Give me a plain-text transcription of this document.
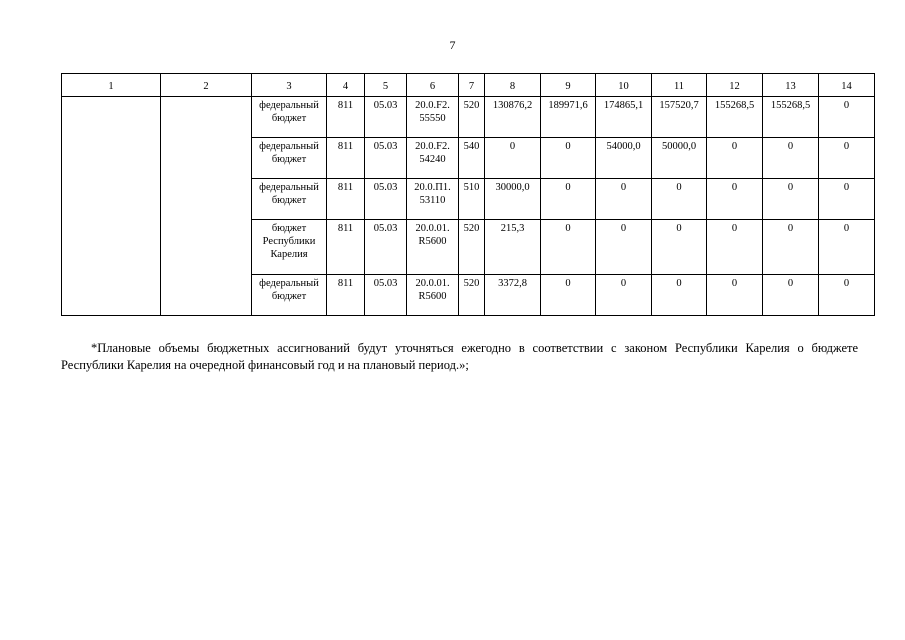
7
1	2	3	4	5	6	7	8	9	10	11	12	13	14
		федеральный бюджет	811	05.03	20.0.F2. 55550	520	130876,2	189971,6	174865,1	157520,7	155268,5	155268,5	0
		федеральный бюджет	811	05.03	20.0.F2. 54240	540	0	0	54000,0	50000,0	0	0	0
		федеральный бюджет	811	05.03	20.0.П1. 53110	510	30000,0	0	0	0	0	0	0
		бюджет Республики Карелия	811	05.03	20.0.01. R5600	520	215,3	0	0	0	0	0	0
		федеральный бюджет	811	05.03	20.0.01. R5600	520	3372,8	0	0	0	0	0	0

*Плановые объемы бюджетных ассигнований будут уточняться ежегодно в соответствии с законом Республики Карелия о бюджете Республики Карелия на очередной финансовый год и на плановый период.»;
